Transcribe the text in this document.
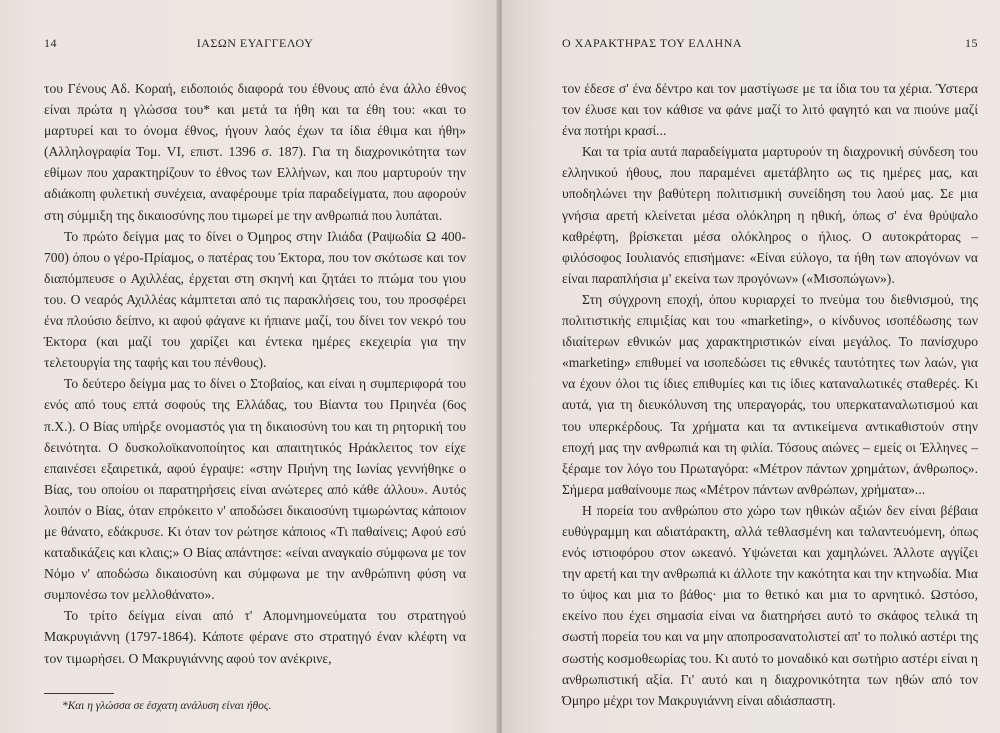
14	ΙΑΣΩΝ ΕΥΑΓΓΕΛΟΥ

του Γένους Αδ. Κοραή, ειδοποιός διαφορά του έθνους από ένα άλλο έθνος είναι πρώτα η γλώσσα του* και μετά τα ήθη και τα έθη του: «και το μαρτυρεί και το όνομα έθνος, ήγουν λαός έχων τα ίδια έθιμα και ήθη» (Αλληλογραφία Τομ. VI, επιστ. 1396 σ. 187). Για τη διαχρονικότητα των εθίμων που χαρακτηρίζουν το έθνος των Ελλήνων, και που μαρτυρούν την αδιάκοπη φυλετική συνέχεια, αναφέρουμε τρία παραδείγματα, που αφορούν στη σύμμιξη της δικαιοσύνης που τιμωρεί με την ανθρωπιά που λυπάται.

Το πρώτο δείγμα μας το δίνει ο Όμηρος στην Ιλιάδα (Ραψωδία Ω 400-700) όπου ο γέρο-Πρίαμος, ο πατέρας του Έκτορα, που τον σκότωσε και τον διαπόμπευσε ο Αχιλλέας, έρχεται στη σκηνή και ζητάει το πτώμα του γιου του. Ο νεαρός Αχιλλέας κάμπτεται από τις παρακλήσεις του, του προσφέρει ένα πλούσιο δείπνο, κι αφού φάγανε κι ήπιανε μαζί, του δίνει τον νεκρό του Έκτορα (και μαζί του χαρίζει και έντεκα ημέρες εκεχειρία για την τελετουργία της ταφής και του πένθους).

Το δεύτερο δείγμα μας το δίνει ο Στοβαίος, και είναι η συμπεριφορά του ενός από τους επτά σοφούς της Ελλάδας, του Βίαντα του Πριηνέα (6ος π.Χ.). Ο Βίας υπήρξε ονομαστός για τη δικαιοσύνη του και τη ρητορική του δεινότητα. Ο δυσκολοϊκανοποίητος και απαιτητικός Ηράκλειτος τον είχε επαινέσει εξαιρετικά, αφού έγραψε: «στην Πριήνη της Ιωνίας γεννήθηκε ο Βίας, του οποίου οι παρατηρήσεις είναι ανώτερες από κάθε άλλου». Αυτός λοιπόν ο Βίας, όταν επρόκειτο ν' αποδώσει δικαιοσύνη τιμωρώντας κάποιον με θάνατο, εδάκρυσε. Κι όταν τον ρώτησε κάποιος «Τι παθαίνεις; Αφού εσύ καταδικάζεις και κλαις;» Ο Βίας απάντησε: «είναι αναγκαίο σύμφωνα με τον Νόμο ν' αποδώσω δικαιοσύνη και σύμφωνα με την ανθρώπινη φύση να συμπονέσω τον μελλοθάνατο».

Το τρίτο δείγμα είναι από τ' Απομνημονεύματα του στρατηγού Μακρυγιάννη (1797-1864). Κάποτε φέρανε στο στρατηγό έναν κλέφτη να τον τιμωρήσει. Ο Μακρυγιάννης αφού τον ανέκρινε,

*Και η γλώσσα σε έσχατη ανάλυση είναι ήθος.
Ο ΧΑΡΑΚΤΗΡΑΣ ΤΟΥ ΕΛΛΗΝΑ	15

τον έδεσε σ' ένα δέντρο και τον μαστίγωσε με τα ίδια του τα χέρια. Ύστερα τον έλυσε και τον κάθισε να φάνε μαζί το λιτό φαγητό και να πιούνε μαζί ένα ποτήρι κρασί...

Και τα τρία αυτά παραδείγματα μαρτυρούν τη διαχρονική σύνδεση του ελληνικού ήθους, που παραμένει αμετάβλητο ως τις ημέρες μας, και υποδηλώνει την βαθύτερη πολιτισμική συνείδηση του λαού μας. Σε μια γνήσια αρετή κλείνεται μέσα ολόκληρη η ηθική, όπως σ' ένα θρύψαλο καθρέφτη, βρίσκεται μέσα ολόκληρος ο ήλιος. Ο αυτοκράτορας – φιλόσοφος Ιουλιανός επισήμανε: «Είναι εύλογο, τα ήθη των απογόνων να είναι παραπλήσια μ' εκείνα των προγόνων» («Μισοπώγων»).

Στη σύγχρονη εποχή, όπου κυριαρχεί το πνεύμα του διεθνισμού, της πολιτιστικής επιμιξίας και του «marketing», ο κίνδυνος ισοπέδωσης των ιδιαίτερων εθνικών μας χαρακτηριστικών είναι μεγάλος. Το πανίσχυρο «marketing» επιθυμεί να ισοπεδώσει τις εθνικές ταυτότητες των λαών, για να έχουν όλοι τις ίδιες επιθυμίες και τις ίδιες καταναλωτικές σταθερές. Κι αυτά, για τη διευκόλυνση της υπεραγοράς, του υπερκαταναλωτισμού και του υπερκέρδους. Τα χρήματα και τα αντικείμενα αντικαθιστούν στην εποχή μας την ανθρωπιά και τη φιλία. Τόσους αιώνες – εμείς οι Έλληνες – ξέραμε τον λόγο του Πρωταγόρα: «Μέτρον πάντων χρημάτων, άνθρωπος». Σήμερα μαθαίνουμε πως «Μέτρον πάντων ανθρώπων, χρήματα»...

Η πορεία του ανθρώπου στο χώρο των ηθικών αξιών δεν είναι βέβαια ευθύγραμμη και αδιατάρακτη, αλλά τεθλασμένη και ταλαντευόμενη, όπως ενός ιστιοφόρου στον ωκεανό. Υψώνεται και χαμηλώνει. Άλλοτε αγγίζει την αρετή και την ανθρωπιά κι άλλοτε την κακότητα και την κτηνωδία. Μια το ύψος και μια το βάθος· μια το θετικό και μια το αρνητικό. Ωστόσο, εκείνο που έχει σημασία είναι να διατηρήσει αυτό το σκάφος τελικά τη σωστή πορεία του και να μην αποπροσανατολιστεί απ' το πολικό αστέρι της σωστής κοσμοθεωρίας του. Κι αυτό το μοναδικό και σωτήριο αστέρι είναι η ανθρωπιστική αξία. Γι' αυτό και η διαχρονικότητα των ηθών από τον Όμηρο μέχρι τον Μακρυγιάννη είναι αδιάσπαστη.
